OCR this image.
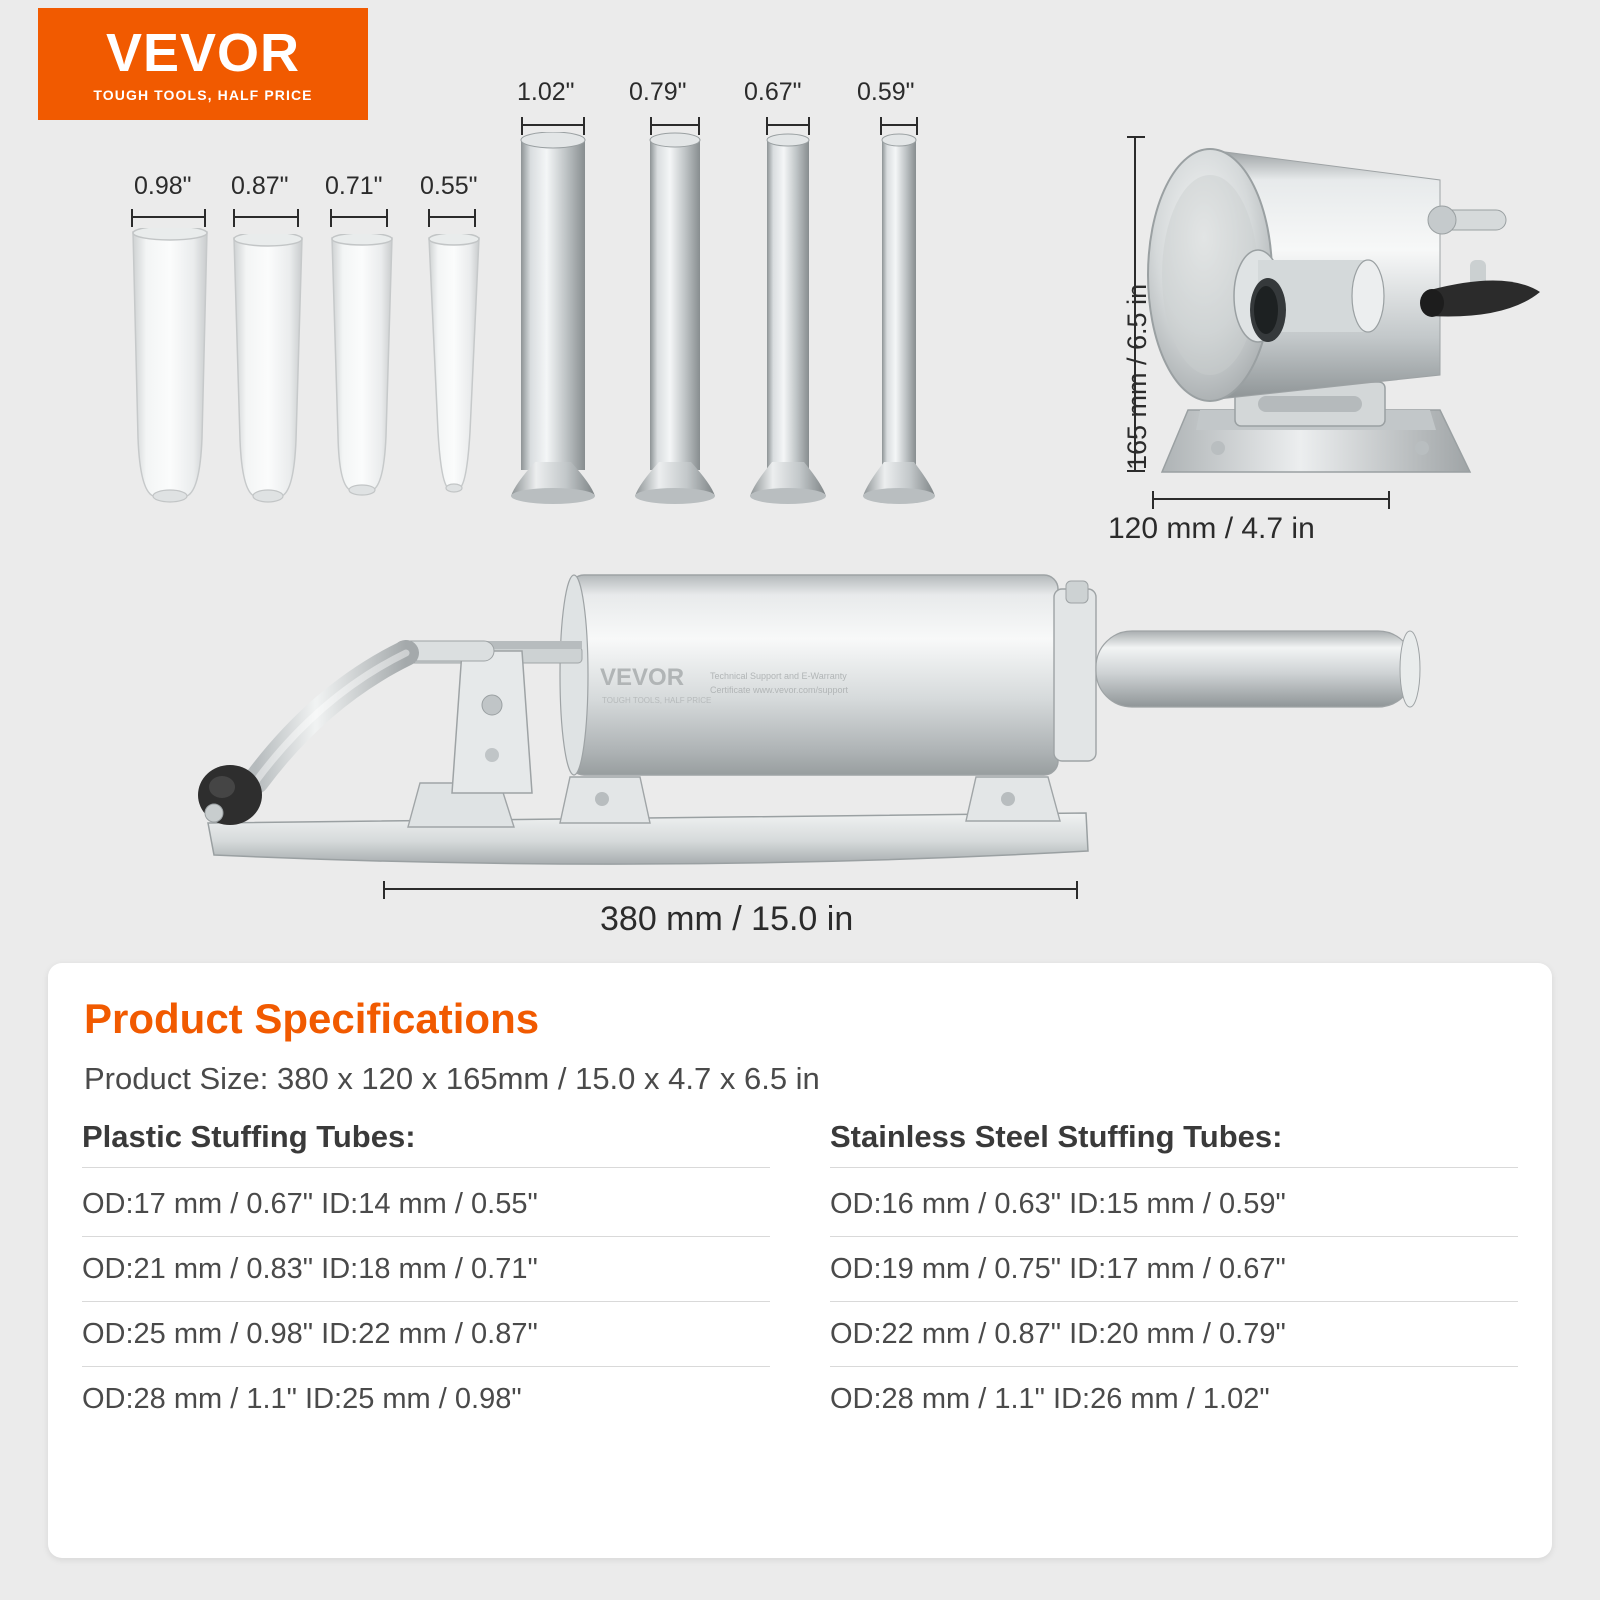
VEVOR
TOUGH TOOLS, HALF PRICE
0.98" 0.87" 0.71" 0.55"
1.02" 0.79" 0.67" 0.59"
165 mm / 6.5 in
120 mm / 4.7 in
VEVOR
TOUGH TOOLS, HALF PRICE
Technical Support and E-Warranty
Certificate www.vevor.com/support
380 mm / 15.0 in
Product Specifications
Product Size: 380 x 120 x 165mm / 15.0 x 4.7 x 6.5 in
Plastic Stuffing Tubes:
OD:17 mm / 0.67" ID:14 mm / 0.55"
OD:21 mm / 0.83" ID:18 mm / 0.71"
OD:25 mm / 0.98" ID:22 mm / 0.87"
OD:28 mm / 1.1" ID:25 mm / 0.98"
Stainless Steel Stuffing Tubes:
OD:16 mm / 0.63" ID:15 mm / 0.59"
OD:19 mm / 0.75" ID:17 mm / 0.67"
OD:22 mm / 0.87" ID:20 mm / 0.79"
OD:28 mm / 1.1" ID:26 mm / 1.02"
